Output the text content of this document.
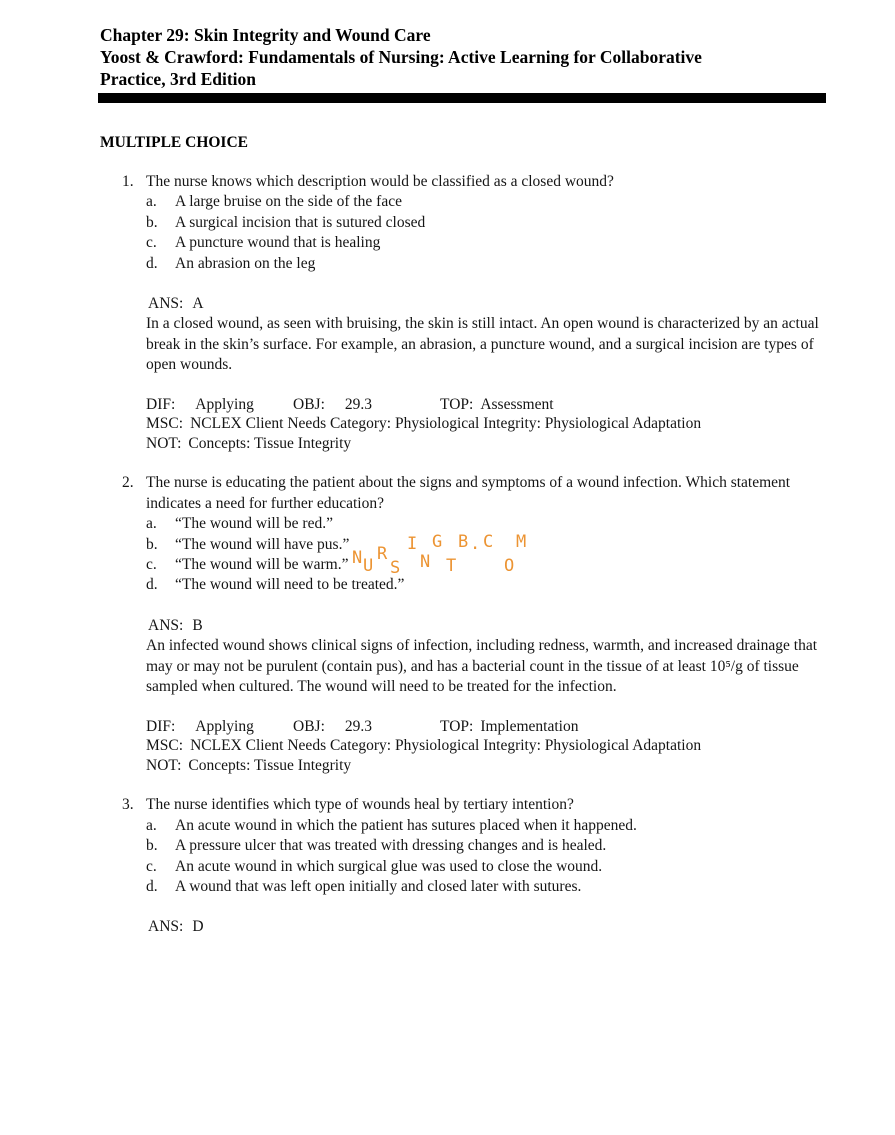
N U
R
S
I
N
G
T
B . C
O
M
Chapter 29: Skin Integrity and Wound Care
Yoost & Crawford: Fundamentals of Nursing: Active Learning for Collaborative
Practice, 3rd Edition
MULTIPLE CHOICE
1. The nurse knows which description would be classified as a closed wound?
a.	A large bruise on the side of the face
b.	A surgical incision that is sutured closed
c.	A puncture wound that is healing
d.	An abrasion on the leg
ANS: A
In a closed wound, as seen with bruising, the skin is still intact. An open wound is characterized by an actual break in the skin’s surface. For example, an abrasion, a puncture wound, and a surgical incision are types of open wounds.
DIF: Applying	OBJ: 29.3	TOP: Assessment
MSC: NCLEX Client Needs Category: Physiological Integrity: Physiological Adaptation
NOT: Concepts: Tissue Integrity
2. The nurse is educating the patient about the signs and symptoms of a wound infection. Which statement indicates a need for further education?
a.	“The wound will be red.”
b.	“The wound will have pus.”
c.	“The wound will be warm.”
d.	“The wound will need to be treated.”
ANS: B
An infected wound shows clinical signs of infection, including redness, warmth, and increased drainage that may or may not be purulent (contain pus), and has a bacterial count in the tissue of at least 10⁵/g of tissue sampled when cultured. The wound will need to be treated for the infection.
DIF: Applying	OBJ: 29.3	TOP: Implementation
MSC: NCLEX Client Needs Category: Physiological Integrity: Physiological Adaptation
NOT: Concepts: Tissue Integrity
3. The nurse identifies which type of wounds heal by tertiary intention?
a.	An acute wound in which the patient has sutures placed when it happened.
b.	A pressure ulcer that was treated with dressing changes and is healed.
c.	An acute wound in which surgical glue was used to close the wound.
d.	A wound that was left open initially and closed later with sutures.
ANS: D
